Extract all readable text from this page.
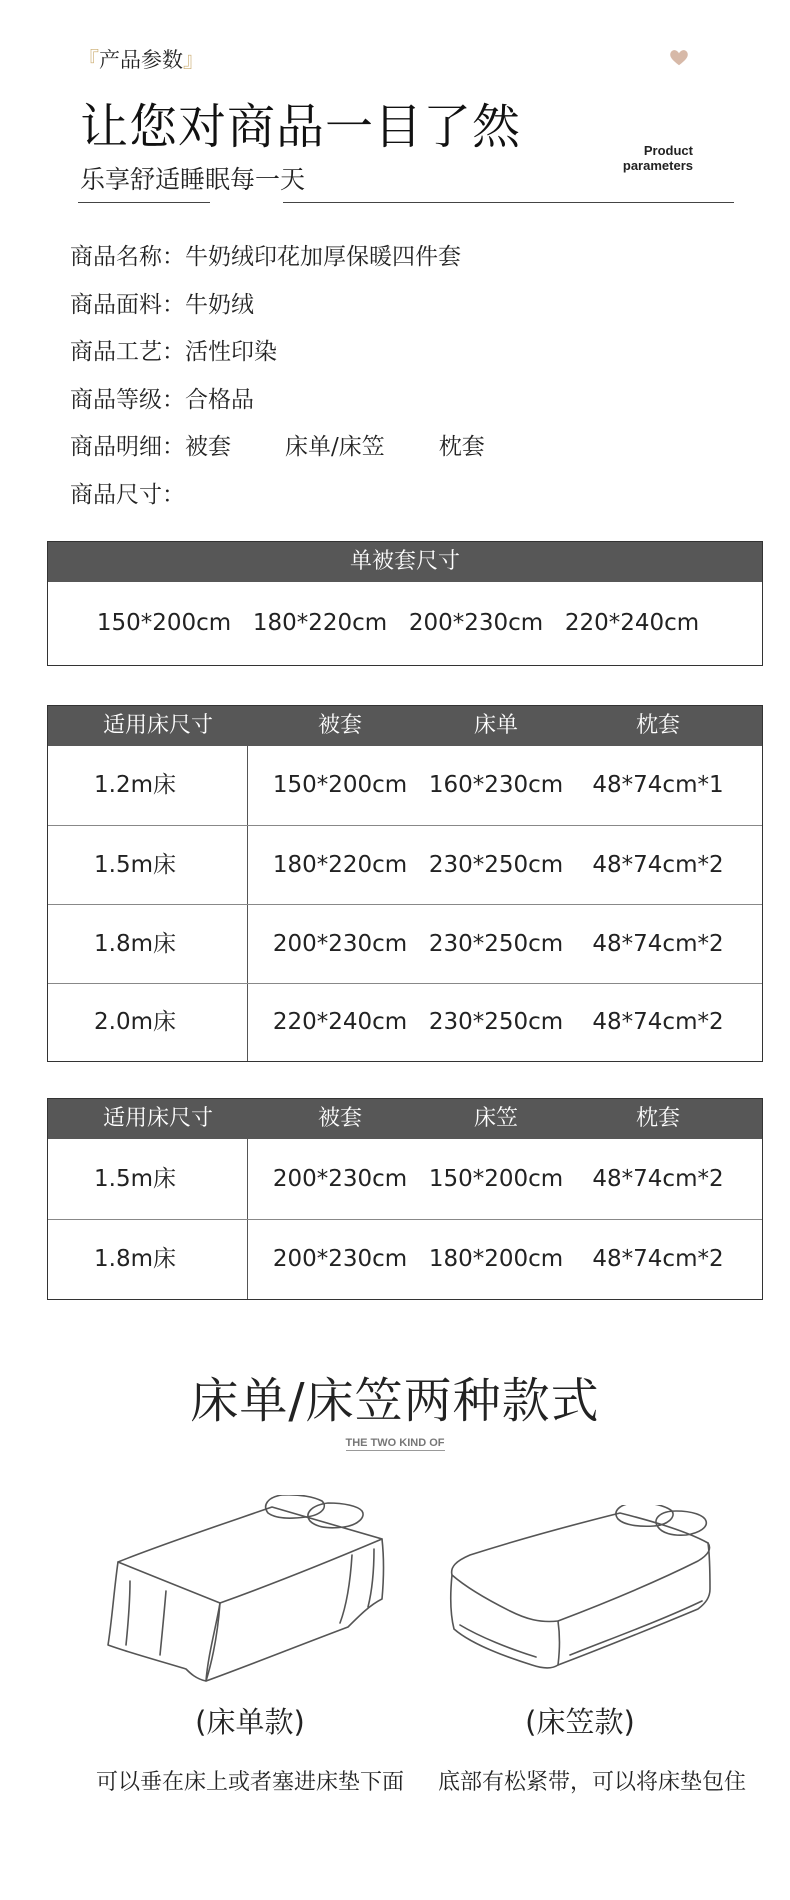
『产品参数』
让您对商品一目了然
乐享舒适睡眠每一天
Product
parameters
商品名称：牛奶绒印花加厚保暖四件套
商品面料：牛奶绒
商品工艺：活性印染
商品等级：合格品
商品明细：被套 床单/床笠 枕套
商品尺寸：
单被套尺寸
150*200cm 180*220cm 200*230cm 220*240cm
适用床尺寸	被套	床单	枕套
1.2m床	150*200cm 160*230cm 48*74cm*1
1.5m床	180*220cm 230*250cm 48*74cm*2
1.8m床	200*230cm 230*250cm 48*74cm*2
2.0m床	220*240cm 230*250cm 48*74cm*2
适用床尺寸	被套	床笠	枕套
1.5m床	200*230cm 150*200cm 48*74cm*2
1.8m床	200*230cm 180*200cm 48*74cm*2
床单/床笠两种款式
THE TWO KIND OF
(床单款)
可以垂在床上或者塞进床垫下面
(床笠款)
底部有松紧带，可以将床垫包住
